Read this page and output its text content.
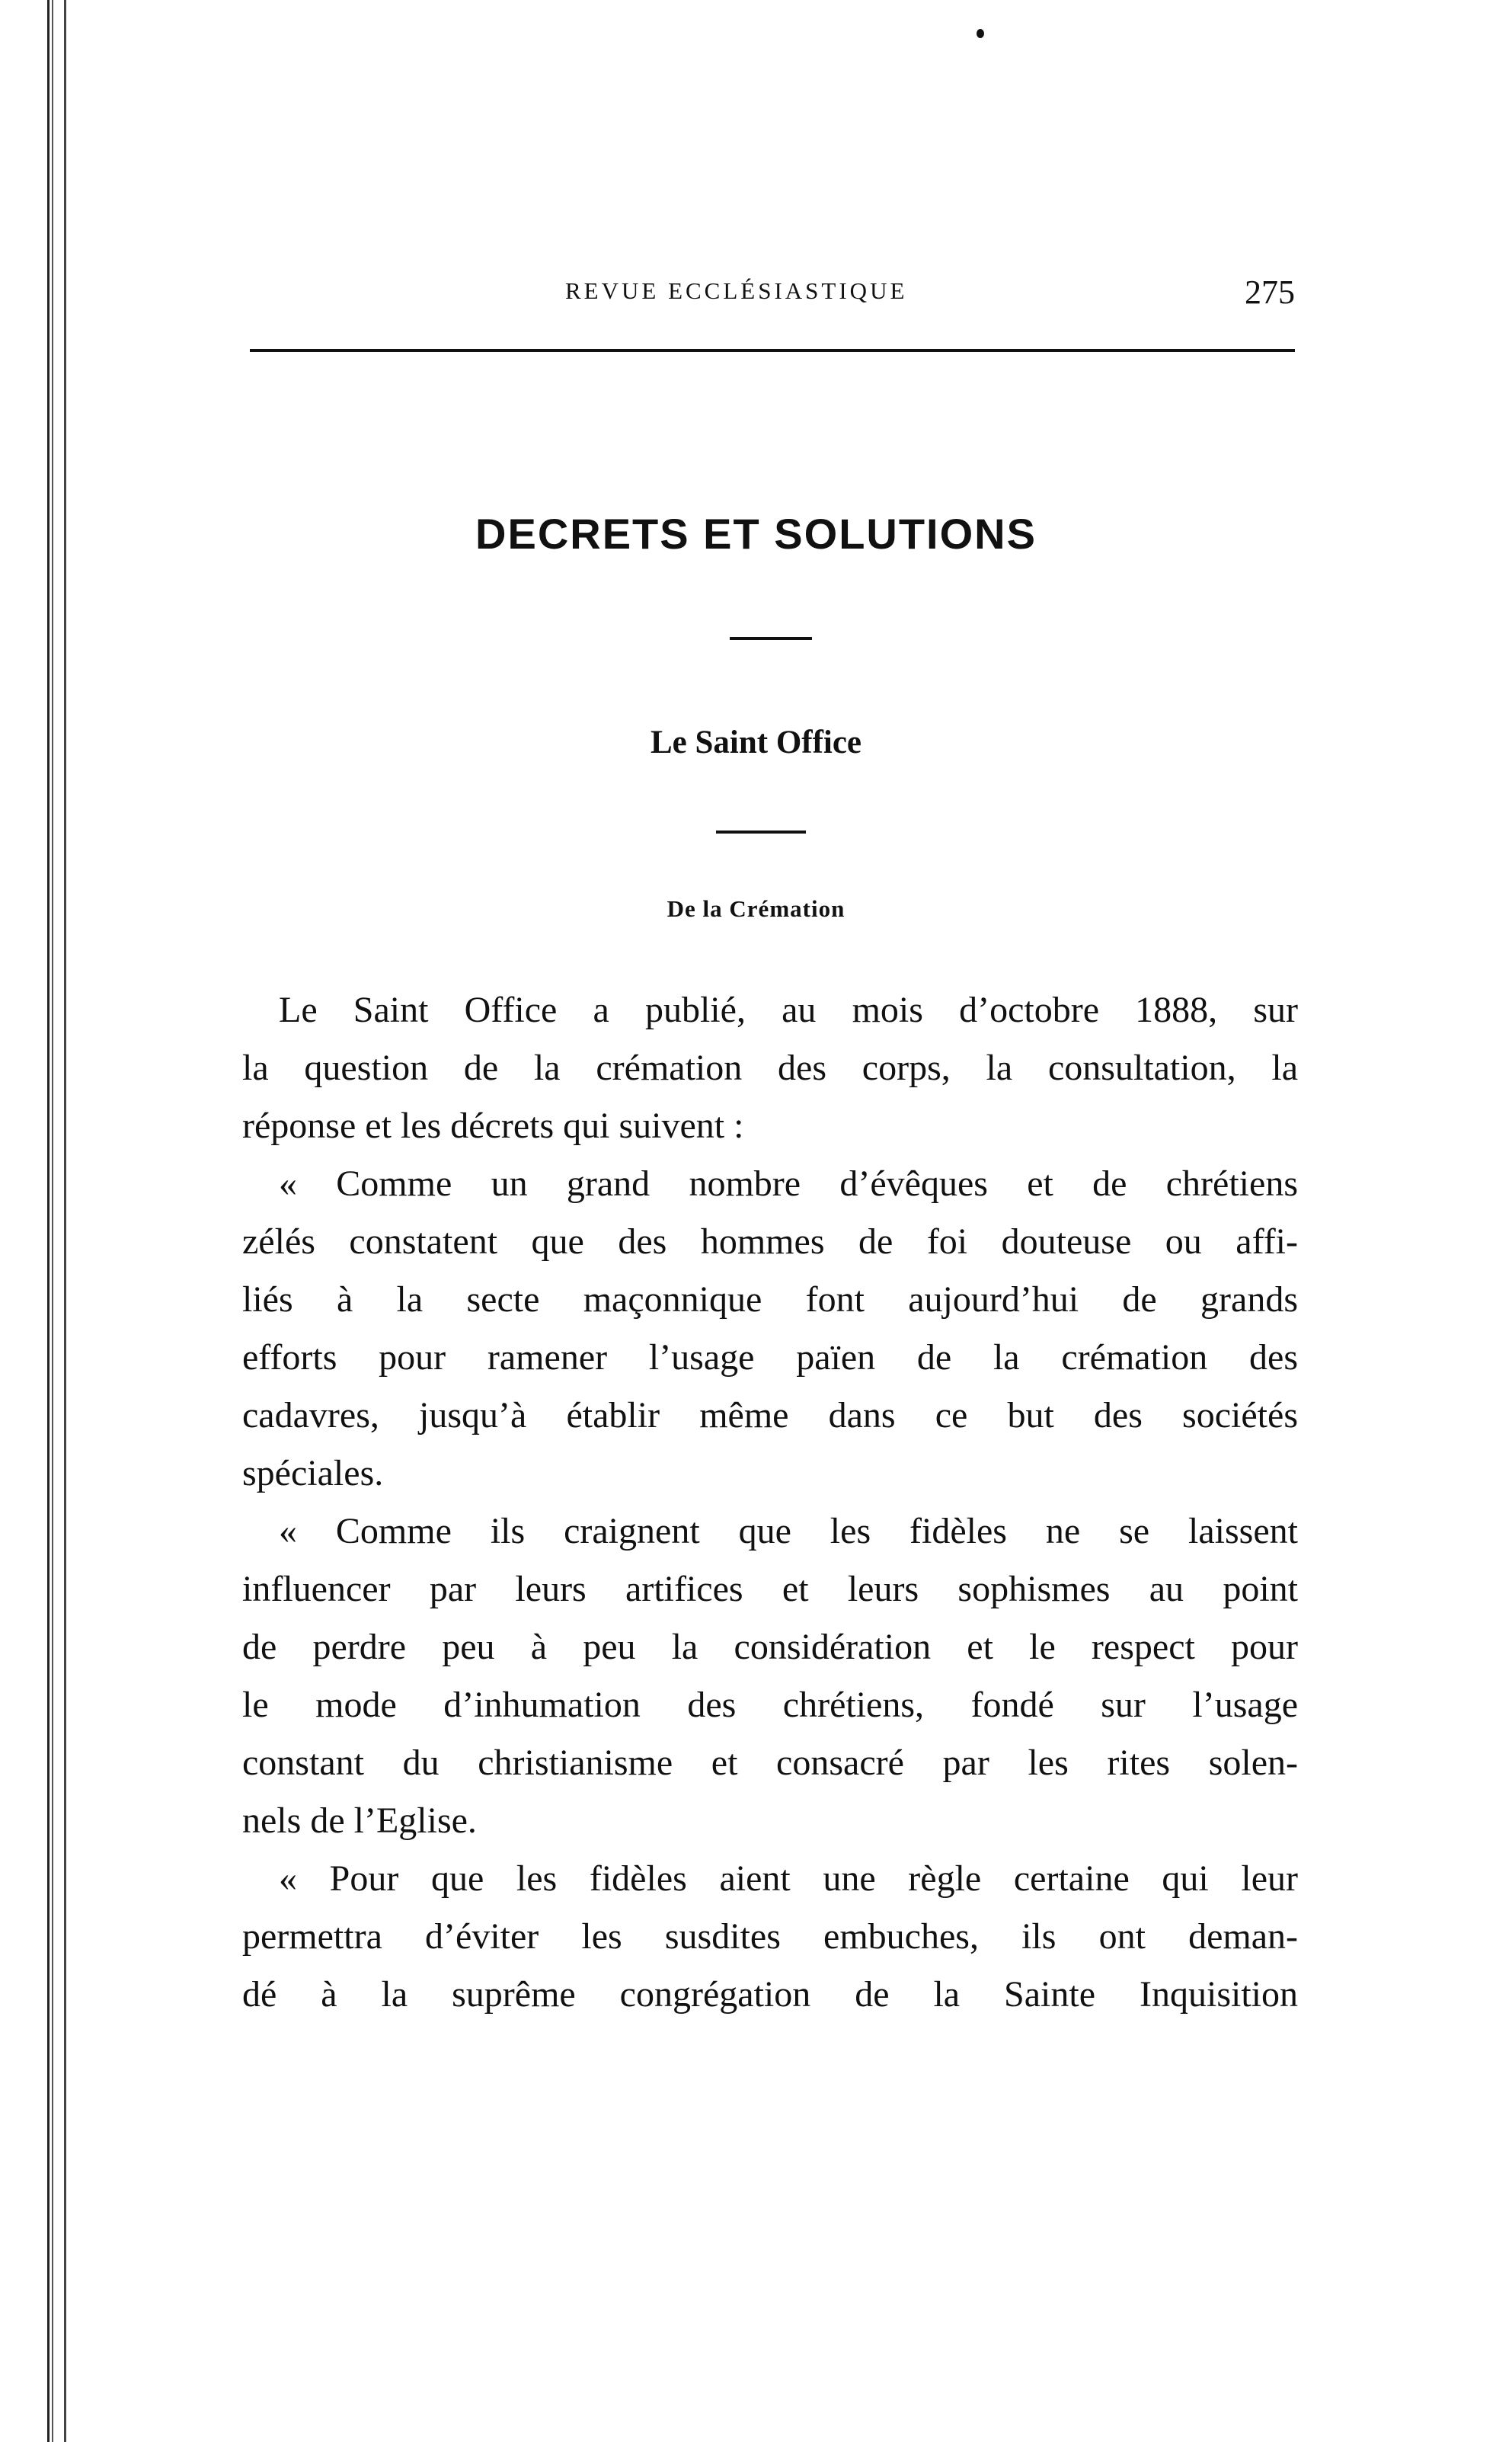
REVUE ECCLÉSIASTIQUE	275
DECRETS ET SOLUTIONS
Le Saint Office
De la Crémation
Le Saint Office a publié, au mois d’octobre 1888, sur
la question de la crémation des corps, la consultation, la
réponse et les décrets qui suivent :
« Comme un grand nombre d’évêques et de chrétiens
zélés constatent que des hommes de foi douteuse ou affi-
liés à la secte maçonnique font aujourd’hui de grands
efforts pour ramener l’usage païen de la crémation des
cadavres, jusqu’à établir même dans ce but des sociétés
spéciales.
« Comme ils craignent que les fidèles ne se laissent
influencer par leurs artifices et leurs sophismes au point
de perdre peu à peu la considération et le respect pour
le mode d’inhumation des chrétiens, fondé sur l’usage
constant du christianisme et consacré par les rites solen-
nels de l’Eglise.
« Pour que les fidèles aient une règle certaine qui leur
permettra d’éviter les susdites embuches, ils ont deman-
dé à la suprême congrégation de la Sainte Inquisition
